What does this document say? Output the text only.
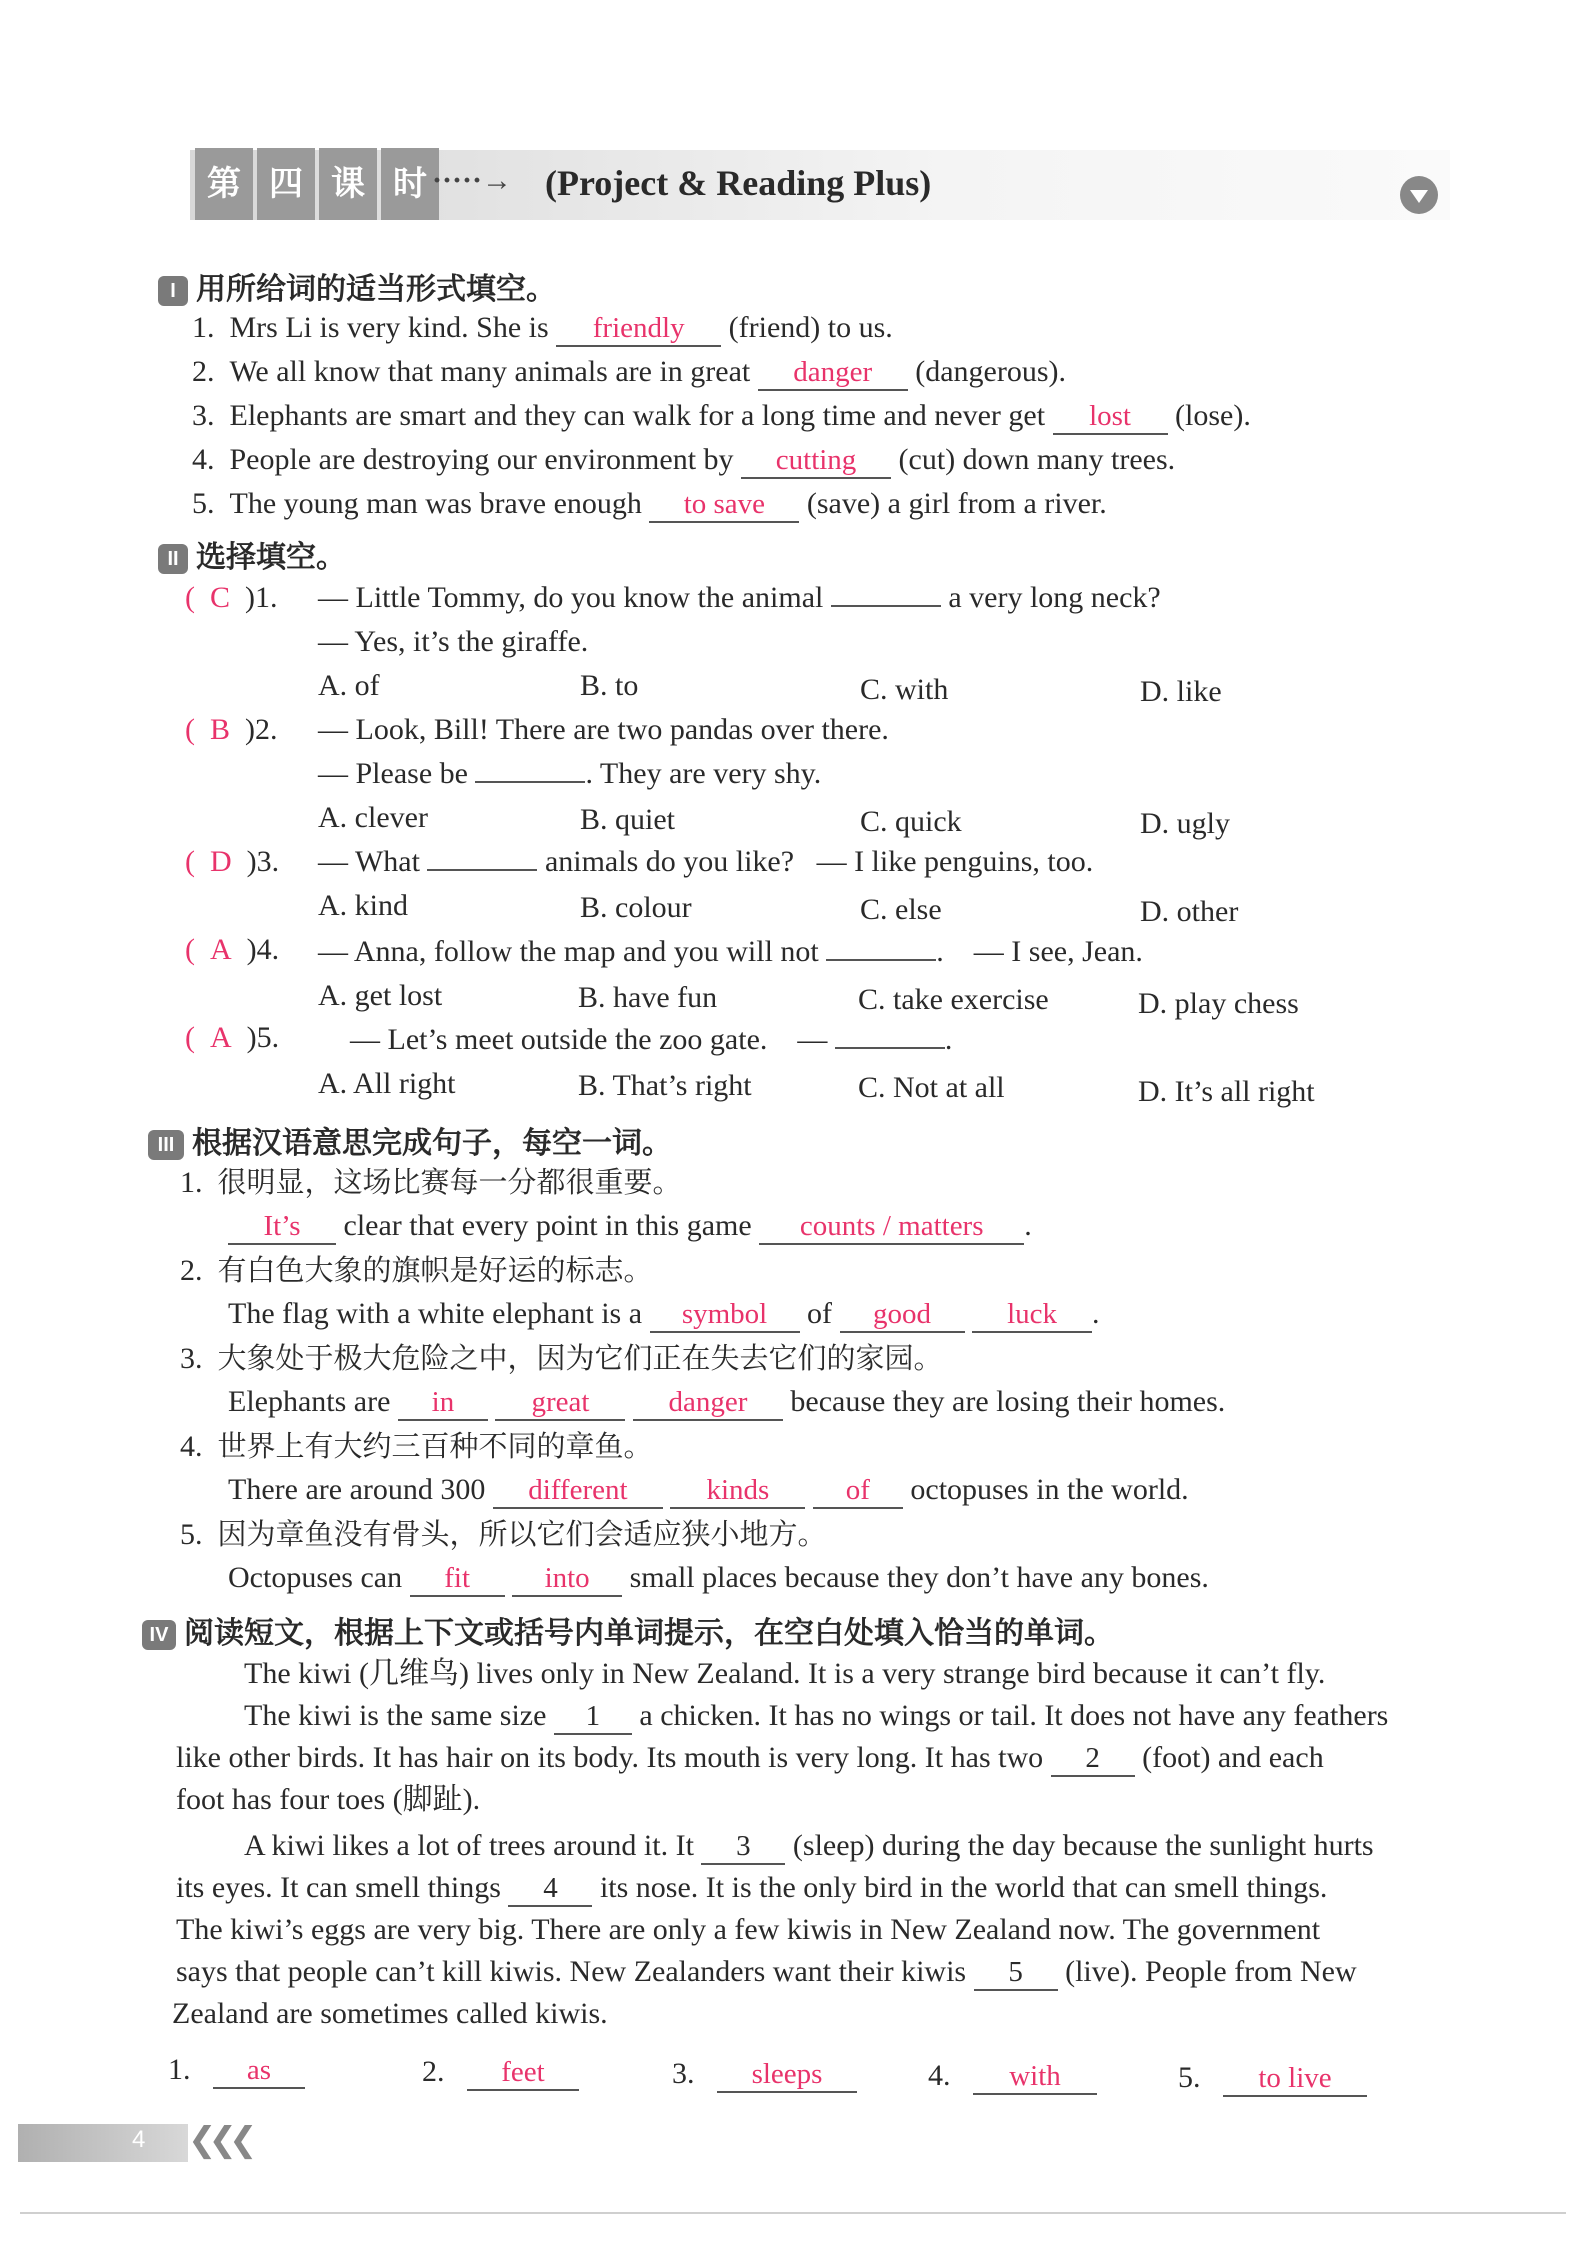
第 四 课 时 ·····→ (Project & Reading Plus)
I 用所给词的适当形式填空。
1. Mrs Li is very kind. She is friendly (friend) to us.
2. We all know that many animals are in great danger (dangerous).
3. Elephants are smart and they can walk for a long time and never get lost (lose).
4. People are destroying our environment by cutting (cut) down many trees.
5. The young man was brave enough to save (save) a girl from a river.
II 选择填空。
( C )1. — Little Tommy, do you know the animal	a very long neck?
— Yes, it’s the giraffe.
A. of	B. to	C. with	D. like
( B )2. — Look, Bill! There are two pandas over there.
— Please be	. They are very shy.
A. clever	B. quiet	C. quick	D. ugly
( D )3. — What	animals do you like? — I like penguins, too.
A. kind	B. colour	C. else	D. other
( A )4. — Anna, follow the map and you will not	. — I see, Jean.
A. get lost	B. have fun	C. take exercise	D. play chess
( A )5. — Let’s meet outside the zoo gate. —	.
A. All right	B. That’s right	C. Not at all	D. It’s all right
III 根据汉语意思完成句子，每空一词。
1. 很明显，这场比赛每一分都很重要。
It’s clear that every point in this game counts / matters .
2. 有白色大象的旗帜是好运的标志。
The flag with a white elephant is a symbol of good	luck .
3. 大象处于极大危险之中，因为它们正在失去它们的家园。
Elephants are in	great	danger because they are losing their homes.
4. 世界上有大约三百种不同的章鱼。
There are around 300 different	kinds	of octopuses in the world.
5. 因为章鱼没有骨头，所以它们会适应狭小地方。
Octopuses can fit	into small places because they don’t have any bones.
IV 阅读短文，根据上下文或括号内单词提示，在空白处填入恰当的单词。
The kiwi (几维鸟) lives only in New Zealand. It is a very strange bird because it can’t fly.
The kiwi is the same size 1 a chicken. It has no wings or tail. It does not have any feathers
like other birds. It has hair on its body. Its mouth is very long. It has two 2 (foot) and each
foot has four toes (脚趾).
A kiwi likes a lot of trees around it. It 3 (sleep) during the day because the sunlight hurts
its eyes. It can smell things 4 its nose. It is the only bird in the world that can smell things.
The kiwi’s eggs are very big. There are only a few kiwis in New Zealand now. The government
says that people can’t kill kiwis. New Zealanders want their kiwis 5 (live). People from New
Zealand are sometimes called kiwis.
1. as	2. feet	3. sleeps	4. with	5. to live
4 ❮❮❮
